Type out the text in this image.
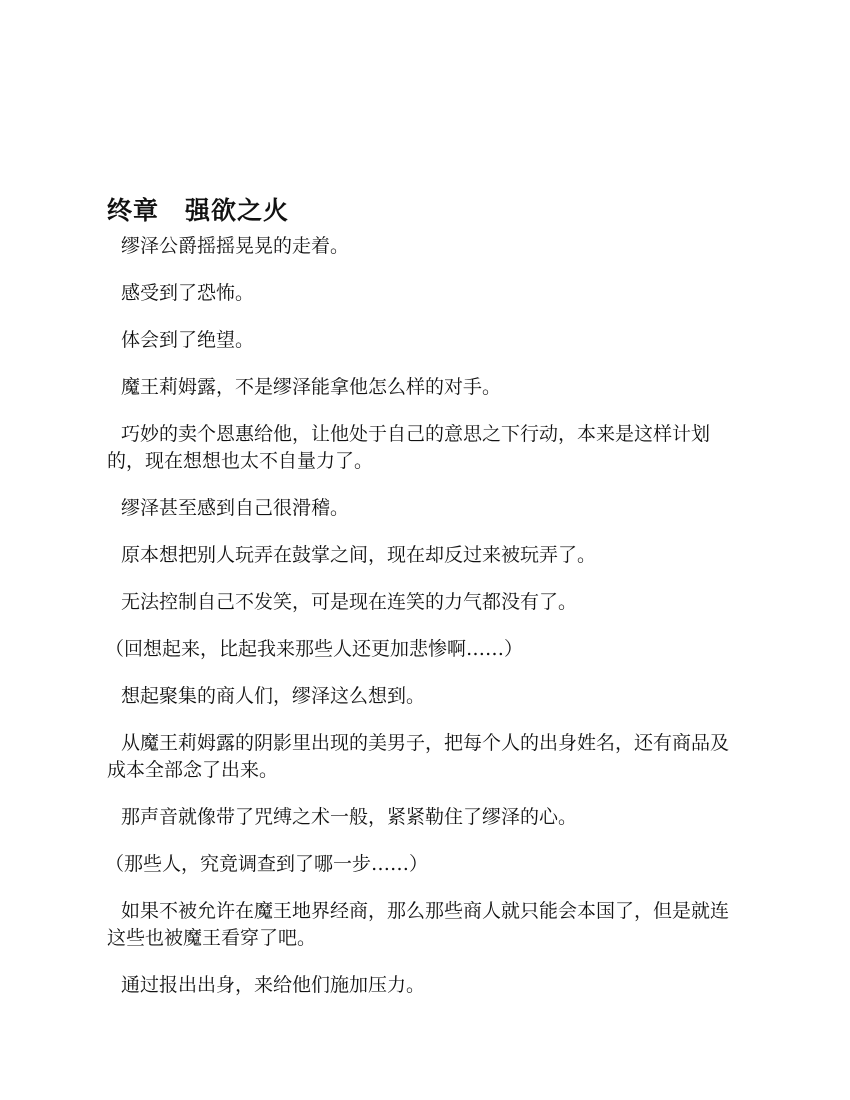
终章　强欲之火

缪泽公爵摇摇晃晃的走着。

感受到了恐怖。

体会到了绝望。

魔王莉姆露，不是缪泽能拿他怎么样的对手。

巧妙的卖个恩惠给他，让他处于自己的意思之下行动，本来是这样计划的，现在想想也太不自量力了。

缪泽甚至感到自己很滑稽。

原本想把别人玩弄在鼓掌之间，现在却反过来被玩弄了。

无法控制自己不发笑，可是现在连笑的力气都没有了。

（回想起来，比起我来那些人还更加悲惨啊……）

想起聚集的商人们，缪泽这么想到。

从魔王莉姆露的阴影里出现的美男子，把每个人的出身姓名，还有商品及成本全部念了出来。

那声音就像带了咒缚之术一般，紧紧勒住了缪泽的心。

（那些人，究竟调查到了哪一步……）

如果不被允许在魔王地界经商，那么那些商人就只能会本国了，但是就连这些也被魔王看穿了吧。

通过报出出身，来给他们施加压力。
